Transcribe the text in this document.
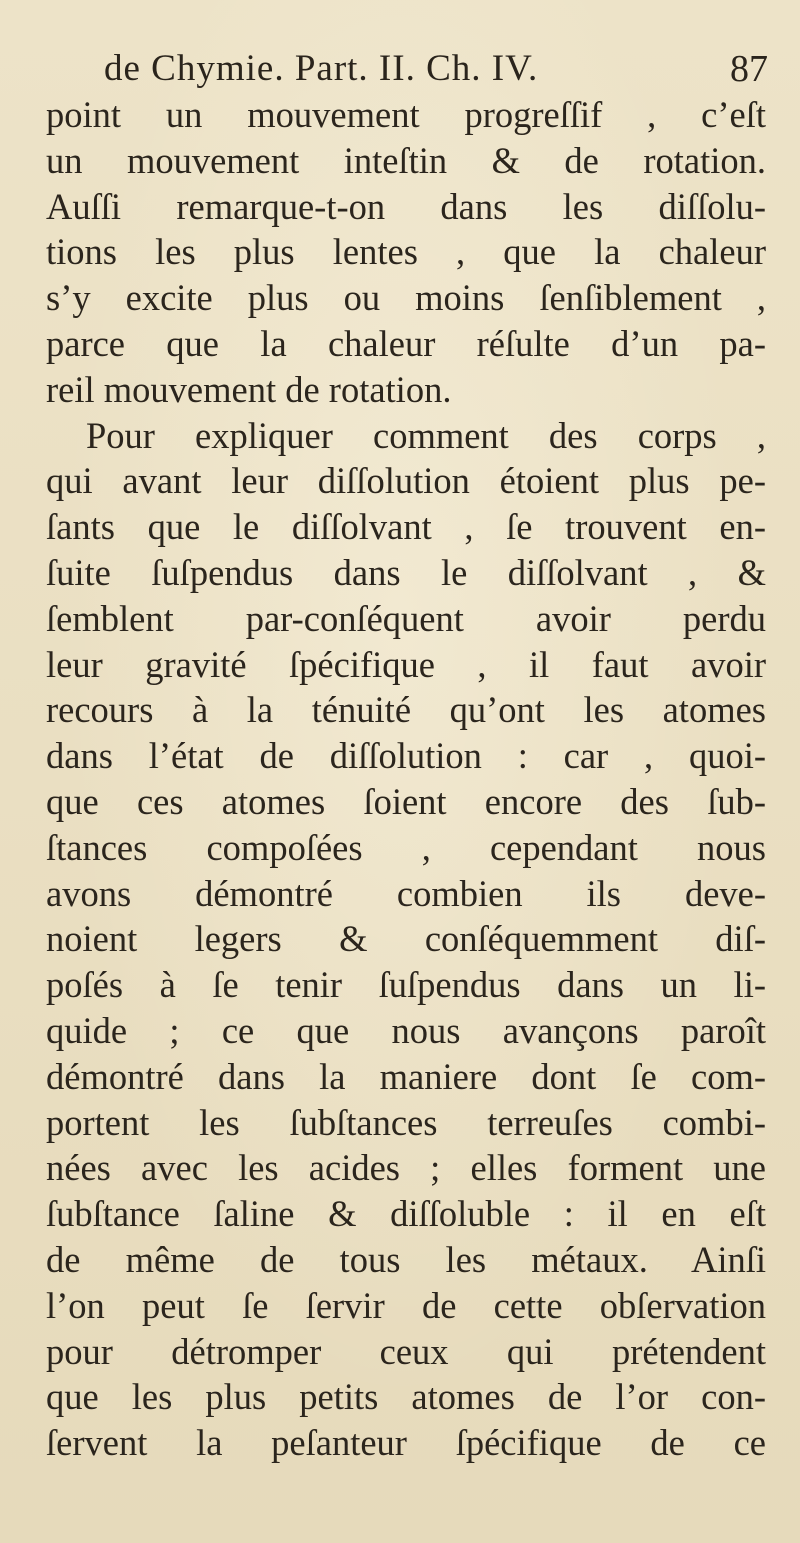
de Chymie. Part. II. Ch. IV.	87
point un mouvement progreſſif , c’eſt
un mouvement inteſtin & de rotation.
Auſſi remarque-t-on dans les diſſolu-
tions les plus lentes , que la chaleur
s’y excite plus ou moins ſenſiblement ,
parce que la chaleur réſulte d’un pa-
reil mouvement de rotation.
Pour expliquer comment des corps ,
qui avant leur diſſolution étoient plus pe-
ſants que le diſſolvant , ſe trouvent en-
ſuite ſuſpendus dans le diſſolvant , &
ſemblent par-conſéquent avoir perdu
leur gravité ſpécifique , il faut avoir
recours à la ténuité qu’ont les atomes
dans l’état de diſſolution : car , quoi-
que ces atomes ſoient encore des ſub-
ſtances compoſées , cependant nous
avons démontré combien ils deve-
noient legers & conſéquemment diſ-
poſés à ſe tenir ſuſpendus dans un li-
quide ; ce que nous avançons paroît
démontré dans la maniere dont ſe com-
portent les ſubſtances terreuſes combi-
nées avec les acides ; elles forment une
ſubſtance ſaline & diſſoluble : il en eſt
de même de tous les métaux. Ainſi
l’on peut ſe ſervir de cette obſervation
pour détromper ceux qui prétendent
que les plus petits atomes de l’or con-
ſervent la peſanteur ſpécifique de ce
